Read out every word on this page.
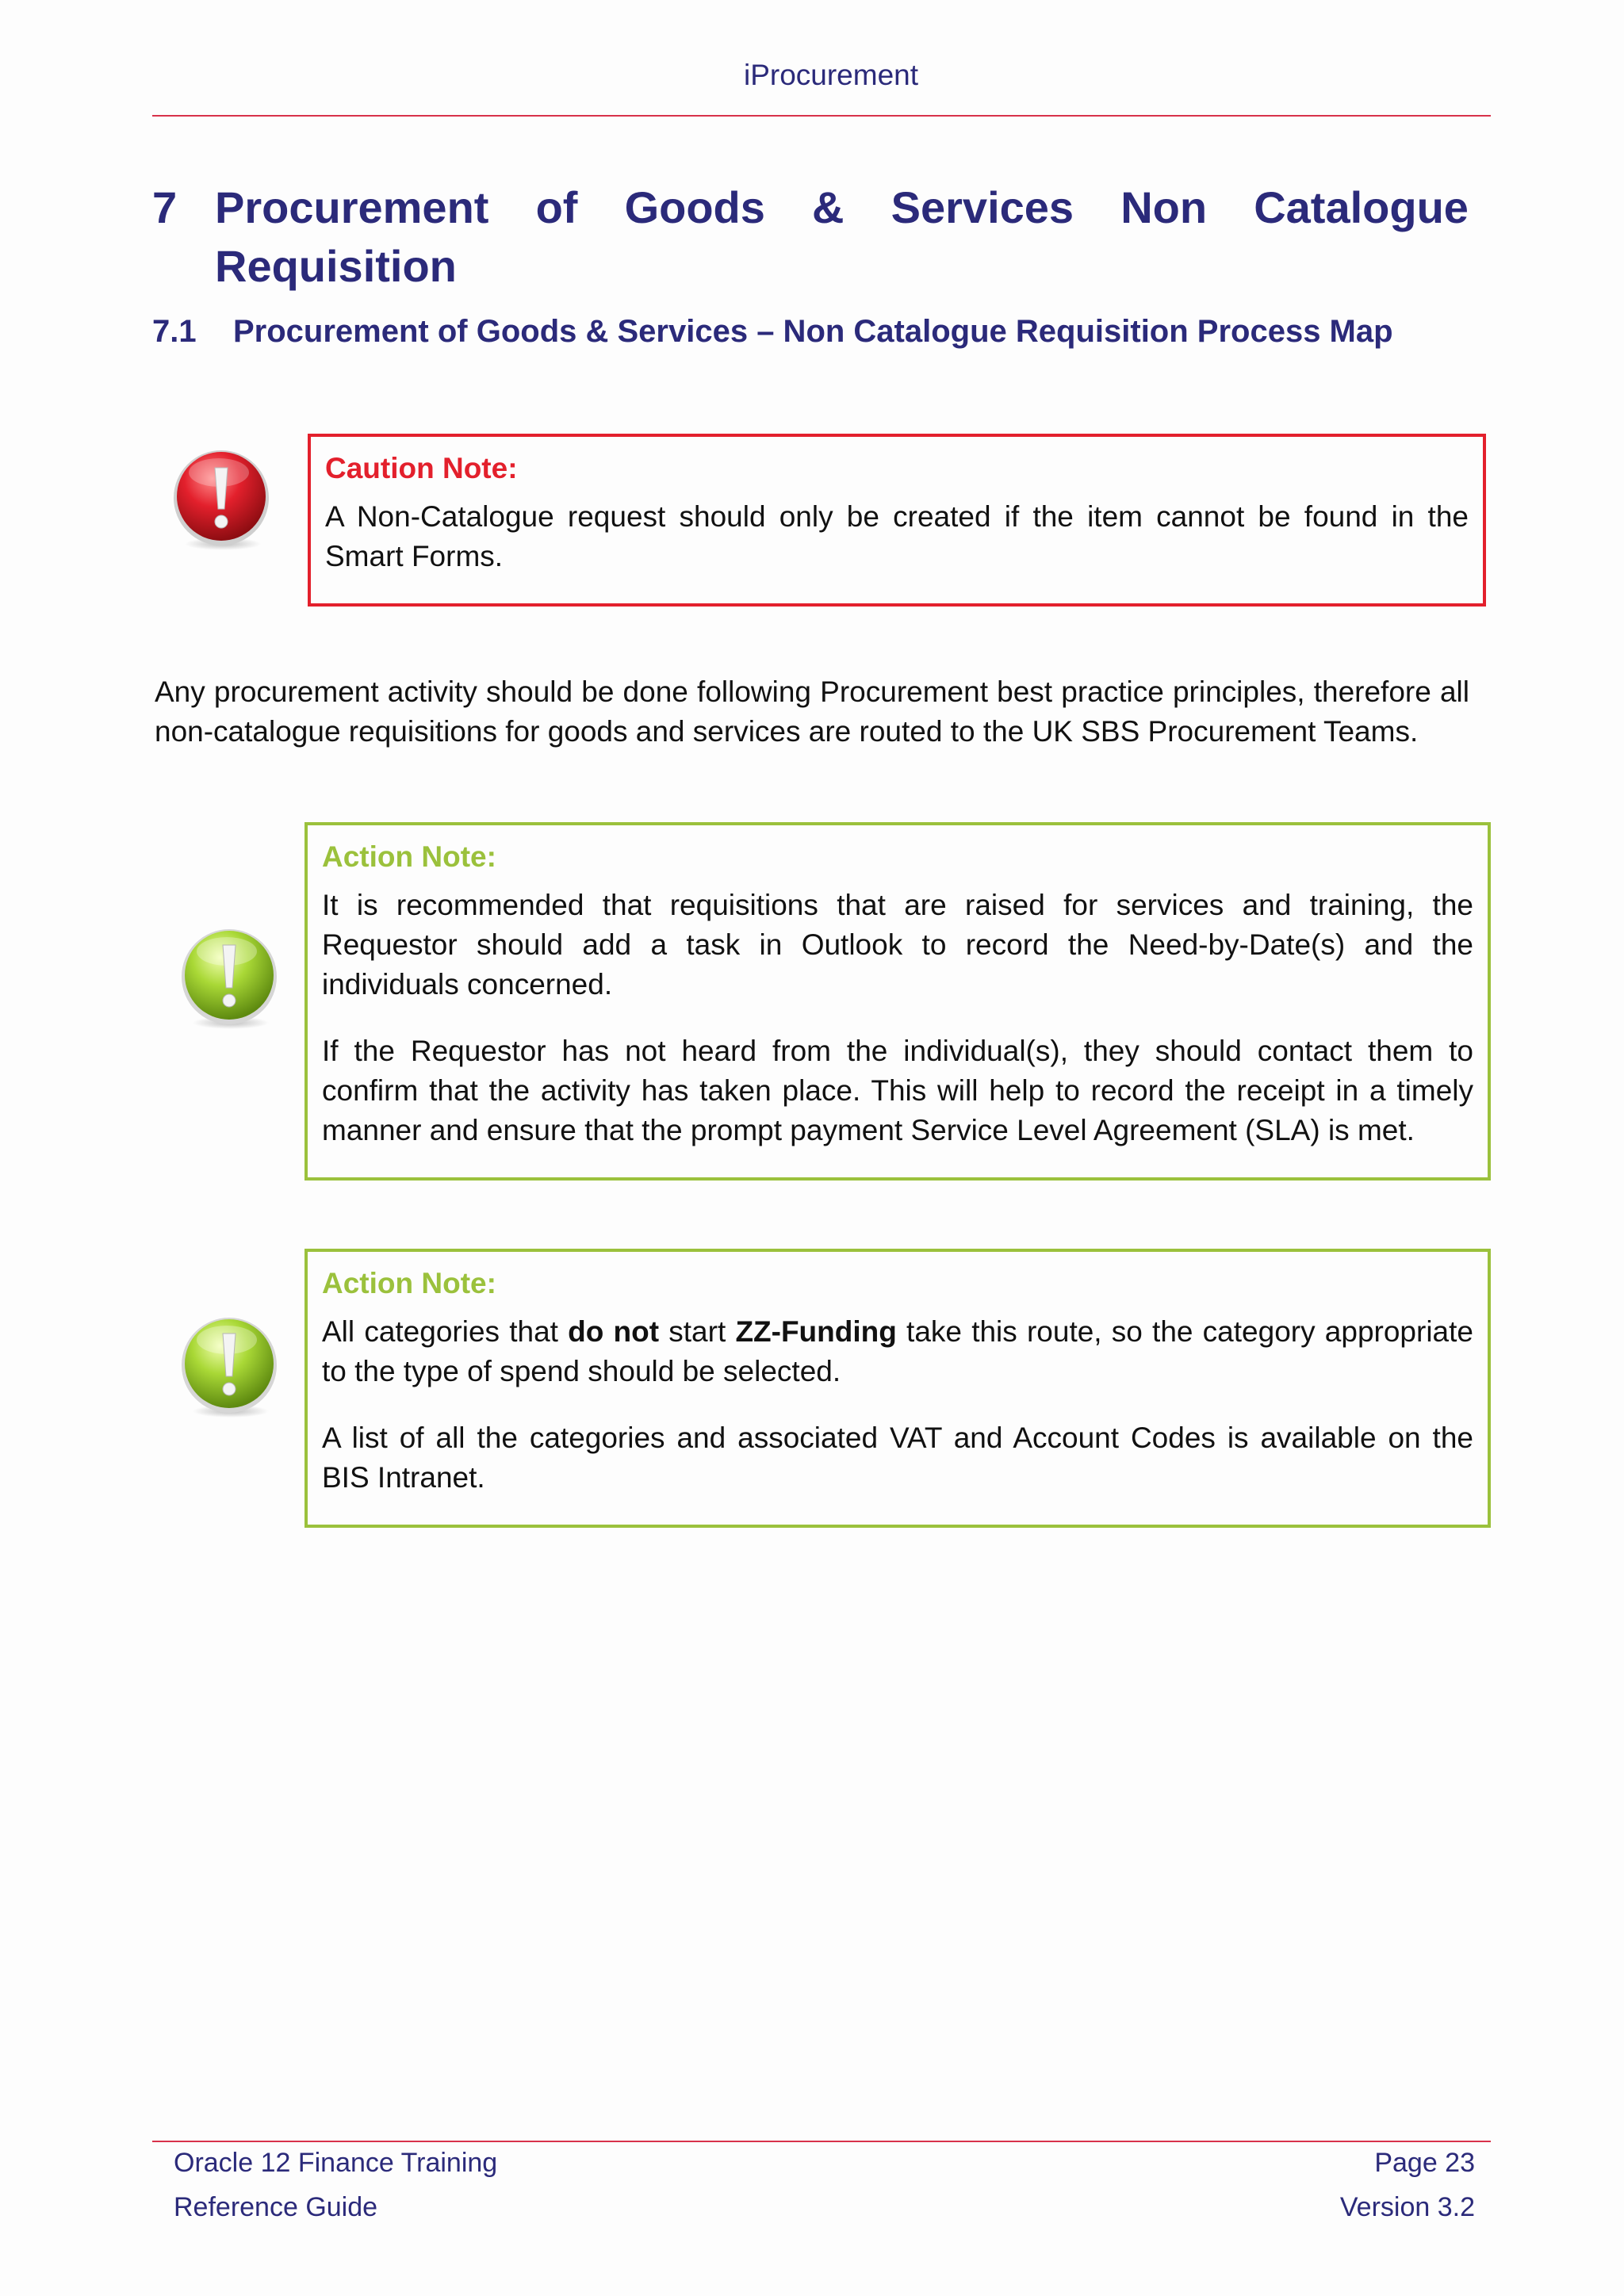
iProcurement
7 Procurement of Goods & Services Non Catalogue
Requisition
7.1 Procurement of Goods & Services – Non Catalogue Requisition Process Map
Caution Note:
A Non-Catalogue request should only be created if the item cannot be found in the Smart Forms.
Any procurement activity should be done following Procurement best practice principles, therefore all non-catalogue requisitions for goods and services are routed to the UK SBS Procurement Teams.
Action Note:
It is recommended that requisitions that are raised for services and training, the Requestor should add a task in Outlook to record the Need-by-Date(s) and the individuals concerned.
If the Requestor has not heard from the individual(s), they should contact them to confirm that the activity has taken place. This will help to record the receipt in a timely manner and ensure that the prompt payment Service Level Agreement (SLA) is met.
Action Note:
All categories that do not start ZZ-Funding take this route, so the category appropriate to the type of spend should be selected.
A list of all the categories and associated VAT and Account Codes is available on the BIS Intranet.
Oracle 12 Finance Training
Reference Guide
Page 23
Version 3.2
